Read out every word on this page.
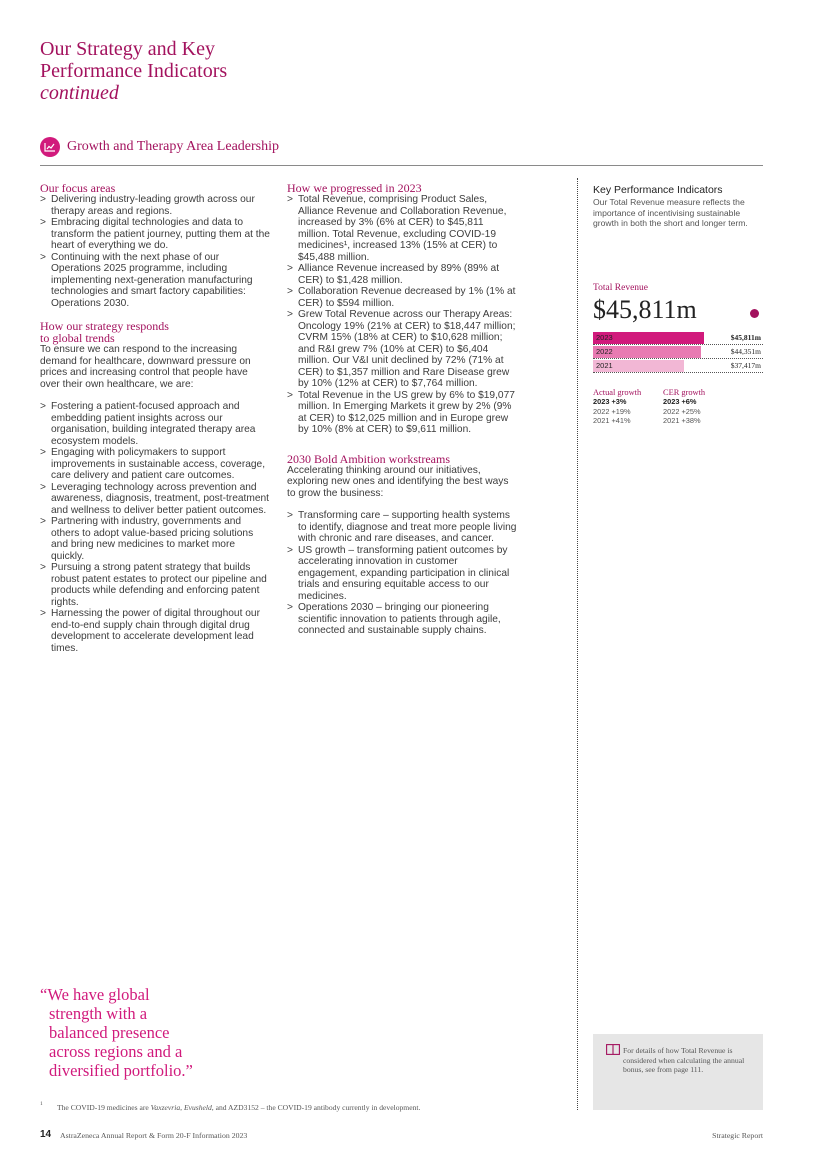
Our Strategy and Key
Performance Indicators
continued
Growth and Therapy Area Leadership
Our focus areas
> Delivering industry-leading growth across our therapy areas and regions.
> Embracing digital technologies and data to transform the patient journey, putting them at the heart of everything we do.
> Continuing with the next phase of our Operations 2025 programme, including implementing next-generation manufacturing technologies and smart factory capabilities: Operations 2030.
How our strategy responds
to global trends

To ensure we can respond to the increasing demand for healthcare, downward pressure on prices and increasing control that people have over their own healthcare, we are:

> Fostering a patient-focused approach and embedding patient insights across our organisation, building integrated therapy area ecosystem models.
> Engaging with policymakers to support improvements in sustainable access, coverage, care delivery and patient care outcomes.
> Leveraging technology across prevention and awareness, diagnosis, treatment, post-treatment and wellness to deliver better patient outcomes.
> Partnering with industry, governments and others to adopt value-based pricing solutions and bring new medicines to market more quickly.
> Pursuing a strong patent strategy that builds robust patent estates to protect our pipeline and products while defending and enforcing patent rights.
> Harnessing the power of digital throughout our end-to-end supply chain through digital drug development to accelerate development lead times.
How we progressed in 2023
> Total Revenue, comprising Product Sales, Alliance Revenue and Collaboration Revenue, increased by 3% (6% at CER) to $45,811 million. Total Revenue, excluding COVID-19 medicines¹, increased 13% (15% at CER) to $45,488 million.
> Alliance Revenue increased by 89% (89% at CER) to $1,428 million.
> Collaboration Revenue decreased by 1% (1% at CER) to $594 million.
> Grew Total Revenue across our Therapy Areas: Oncology 19% (21% at CER) to $18,447 million; CVRM 15% (18% at CER) to $10,628 million; and R&I grew 7% (10% at CER) to $6,404 million. Our V&I unit declined by 72% (71% at CER) to $1,357 million and Rare Disease grew by 10% (12% at CER) to $7,764 million.
> Total Revenue in the US grew by 6% to $19,077 million. In Emerging Markets it grew by 2% (9% at CER) to $12,025 million and in Europe grew by 10% (8% at CER) to $9,611 million.
2030 Bold Ambition workstreams

Accelerating thinking around our initiatives, exploring new ones and identifying the best ways to grow the business:

> Transforming care – supporting health systems to identify, diagnose and treat more people living with chronic and rare diseases, and cancer.
> US growth – transforming patient outcomes by accelerating innovation in customer engagement, expanding participation in clinical trials and ensuring equitable access to our medicines.
> Operations 2030 – bringing our pioneering scientific innovation to patients through agile, connected and sustainable supply chains.
Key Performance Indicators
Our Total Revenue measure reflects the importance of incentivising sustainable growth in both the short and longer term.
Total Revenue
$45,811m
2023	$45,811m
2022	$44,351m
2021	$37,417m
Actual growth
2023 +3%
2022 +19%
2021 +41%
CER growth
2023 +6%
2022 +25%
2021 +38%
“We have global
strength with a
balanced presence
across regions and a
diversified portfolio.”
For details of how Total Revenue is considered when calculating the annual bonus, see from page 111.
1 The COVID-19 medicines are Vaxzevria, Evusheld, and AZD3152 – the COVID-19 antibody currently in development.
14 AstraZeneca Annual Report & Form 20-F Information 2023	Strategic Report
